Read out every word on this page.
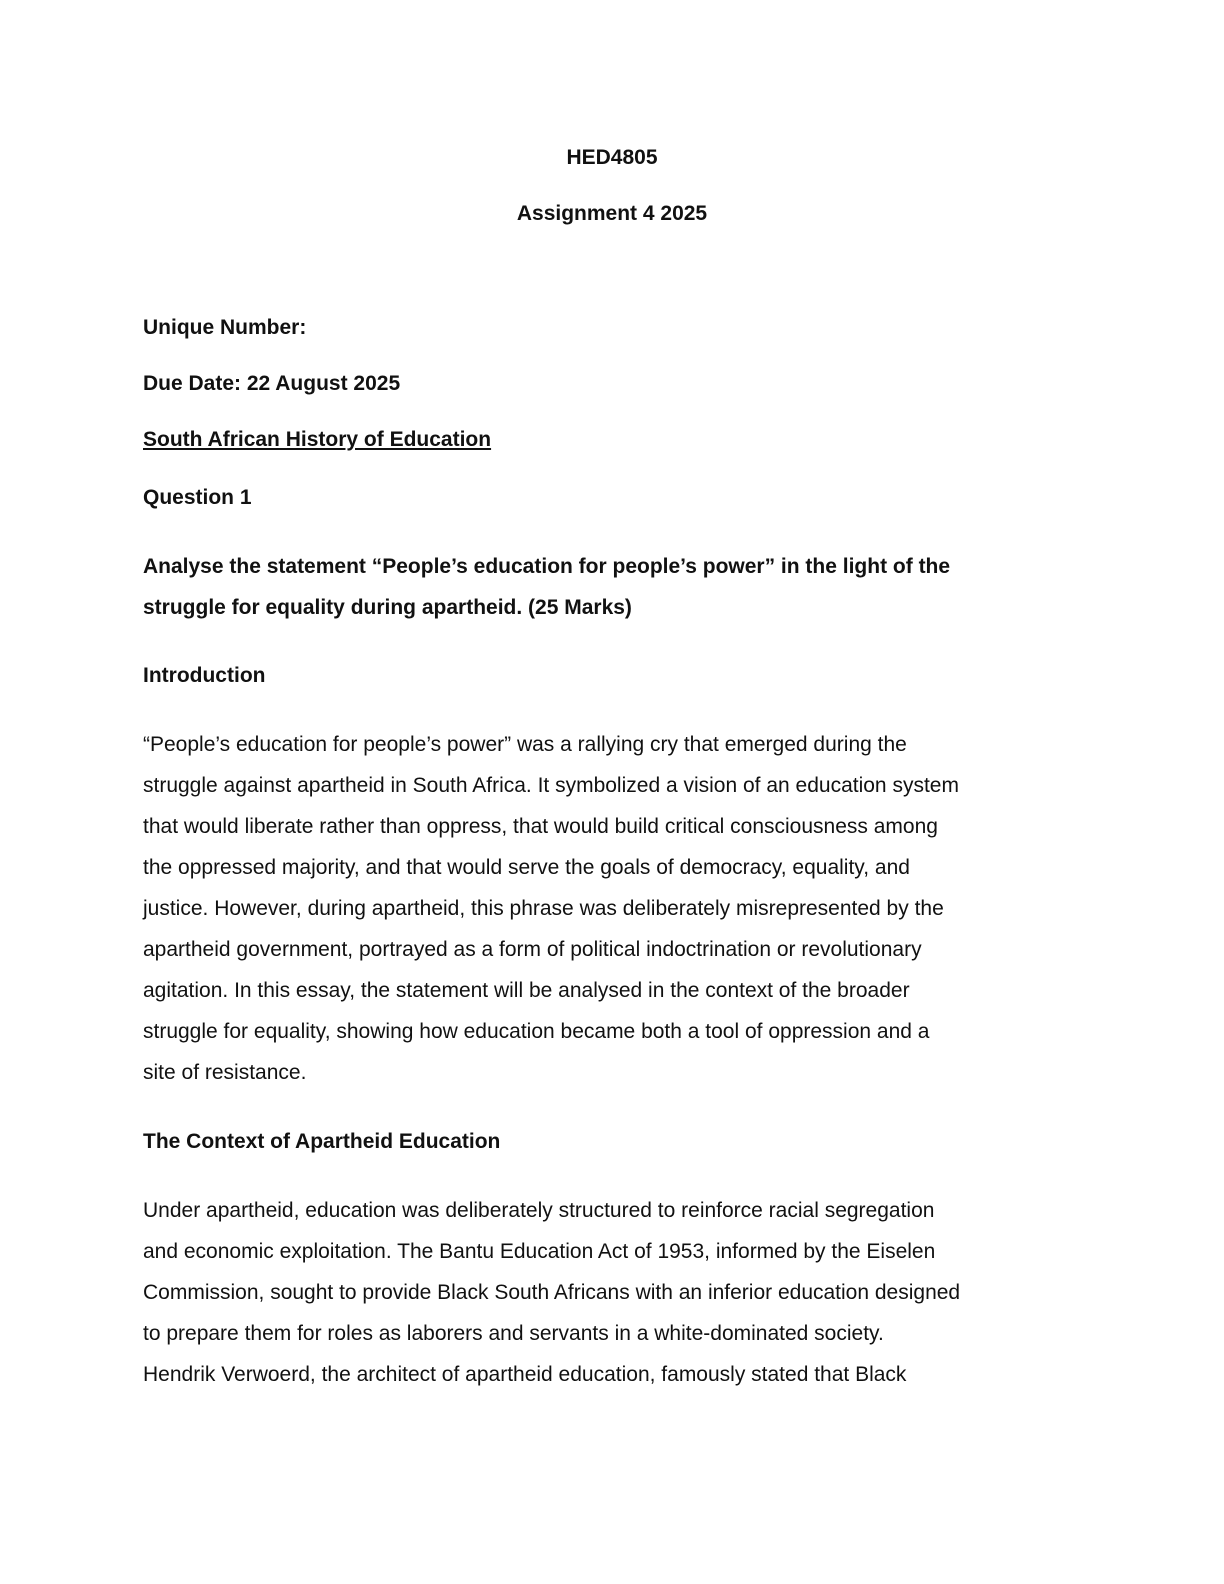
HED4805
Assignment 4 2025
Unique Number:
Due Date: 22 August 2025
South African History of Education
Question 1
Analyse the statement “People’s education for people’s power” in the light of the
struggle for equality during apartheid. (25 Marks)
Introduction
“People’s education for people’s power” was a rallying cry that emerged during the
struggle against apartheid in South Africa. It symbolized a vision of an education system
that would liberate rather than oppress, that would build critical consciousness among
the oppressed majority, and that would serve the goals of democracy, equality, and
justice. However, during apartheid, this phrase was deliberately misrepresented by the
apartheid government, portrayed as a form of political indoctrination or revolutionary
agitation. In this essay, the statement will be analysed in the context of the broader
struggle for equality, showing how education became both a tool of oppression and a
site of resistance.
The Context of Apartheid Education
Under apartheid, education was deliberately structured to reinforce racial segregation
and economic exploitation. The Bantu Education Act of 1953, informed by the Eiselen
Commission, sought to provide Black South Africans with an inferior education designed
to prepare them for roles as laborers and servants in a white-dominated society.
Hendrik Verwoerd, the architect of apartheid education, famously stated that Black
